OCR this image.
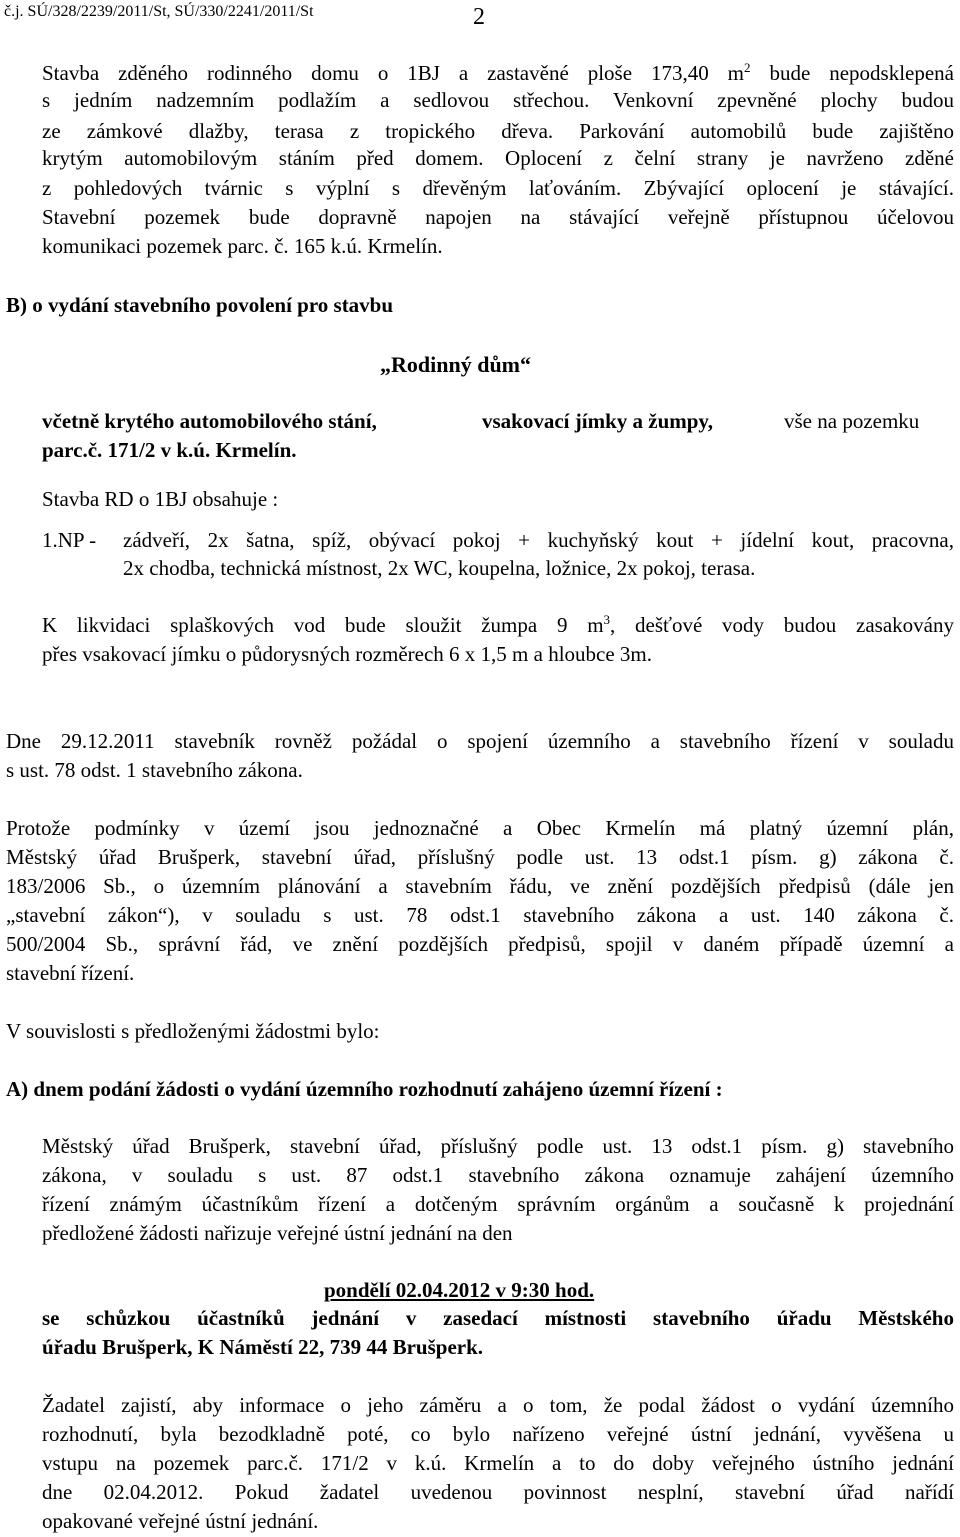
č.j. SÚ/328/2239/2011/St, SÚ/330/2241/2011/St	2
Stavba zděného rodinného domu o 1BJ a zastavěné ploše 173,40 $m^2$ bude nepodsklepená
s jedním nadzemním podlažím a sedlovou střechou. Venkovní zpevněné plochy budou
ze zámkové dlažby, terasa z tropického dřeva. Parkování automobilů bude zajištěno
krytým automobilovým stáním před domem. Oplocení z čelní strany je navrženo zděné
z pohledových tvárnic s výplní s dřevěným laťováním. Zbývající oplocení je stávající.
Stavební pozemek bude dopravně napojen na stávající veřejně přístupnou účelovou
komunikaci pozemek parc. č. 165 k.ú. Krmelín.
B) o vydání stavebního povolení pro stavbu
„Rodinný dům“
včetně krytého automobilového stání,	vsakovací jímky a žumpy,	vše na pozemku
parc.č. 171/2 v k.ú. Krmelín.
Stavba RD o 1BJ obsahuje :
1.NP - zádveří, 2x šatna, spíž, obývací pokoj + kuchyňský kout + jídelní kout, pracovna,
2x chodba, technická místnost, 2x WC, koupelna, ložnice, 2x pokoj, terasa.
K likvidaci splaškových vod bude sloužit žumpa 9 $m^3$, dešťové vody budou zasakovány
přes vsakovací jímku o půdorysných rozměrech 6 x 1,5 m a hloubce 3m.
Dne 29.12.2011 stavebník rovněž požádal o spojení územního a stavebního řízení v souladu
s ust. 78 odst. 1 stavebního zákona.
Protože podmínky v území jsou jednoznačné a Obec Krmelín má platný územní plán,
Městský úřad Brušperk, stavební úřad, příslušný podle ust. 13 odst.1 písm. g) zákona č.
183/2006 Sb., o územním plánování a stavebním řádu, ve znění pozdějších předpisů (dále jen
„stavební zákon“), v souladu s ust. 78 odst.1 stavebního zákona a ust. 140 zákona č.
500/2004 Sb., správní řád, ve znění pozdějších předpisů, spojil v daném případě územní a
stavební řízení.
V souvislosti s předloženými žádostmi bylo:
A) dnem podání žádosti o vydání územního rozhodnutí zahájeno územní řízení :
Městský úřad Brušperk, stavební úřad, příslušný podle ust. 13 odst.1 písm. g) stavebního
zákona, v souladu s ust. 87 odst.1 stavebního zákona oznamuje zahájení územního
řízení známým účastníkům řízení a dotčeným správním orgánům a současně k projednání
předložené žádosti nařizuje veřejné ústní jednání na den
pondělí 02.04.2012 v 9:30 hod.
se schůzkou účastníků jednání v zasedací místnosti stavebního úřadu Městského
úřadu Brušperk, K Náměstí 22, 739 44 Brušperk.
Žadatel zajistí, aby informace o jeho záměru a o tom, že podal žádost o vydání územního
rozhodnutí, byla bezodkladně poté, co bylo nařízeno veřejné ústní jednání, vyvěšena u
vstupu na pozemek parc.č. 171/2 v k.ú. Krmelín a to do doby veřejného ústního jednání
dne 02.04.2012. Pokud žadatel uvedenou povinnost nesplní, stavební úřad nařídí
opakované veřejné ústní jednání.
